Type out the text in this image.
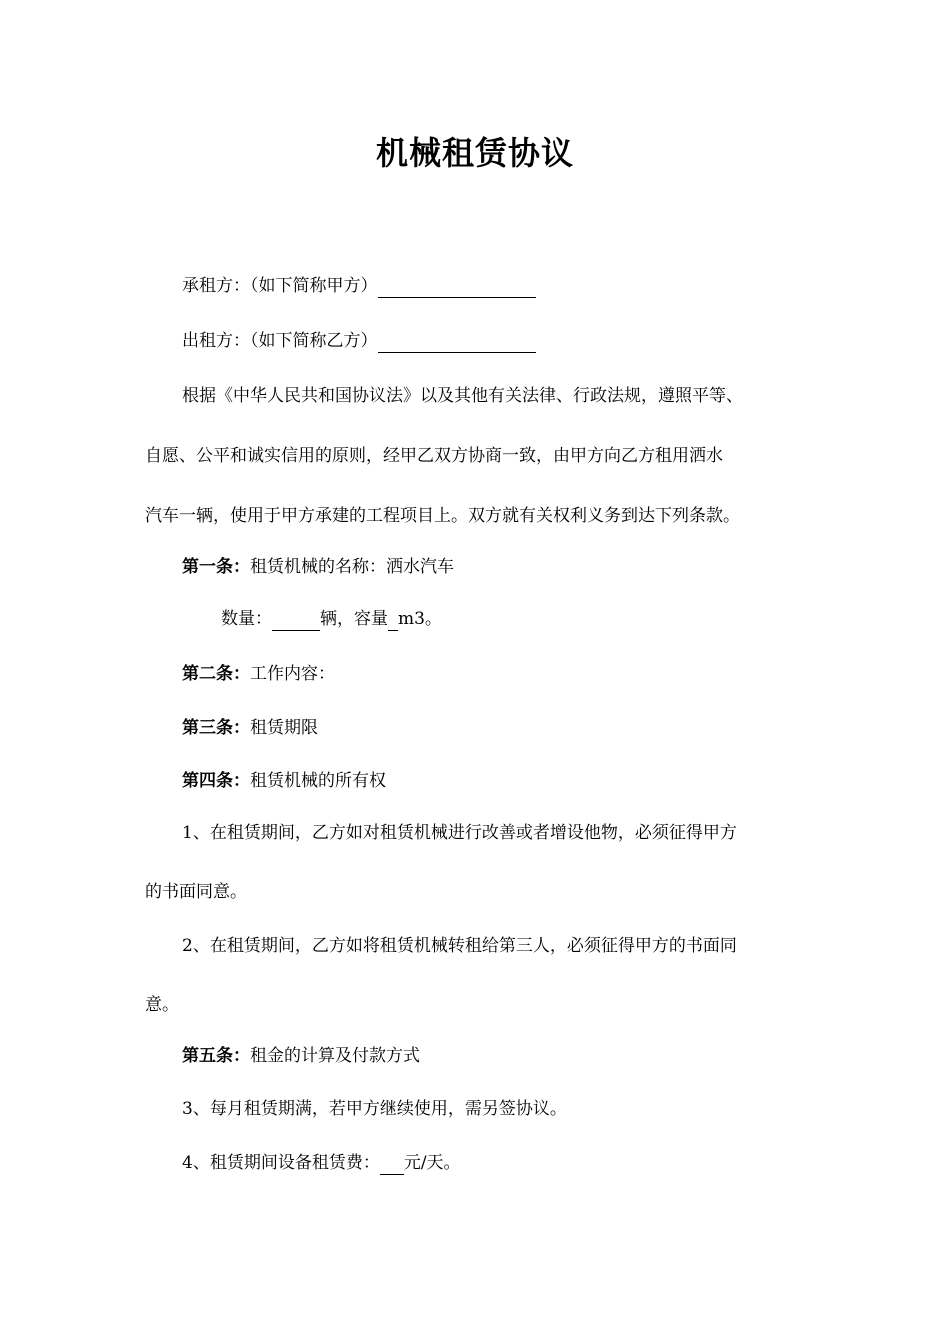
机械租赁协议
承租方：（如下简称甲方）
出租方：（如下简称乙方）
根据《中华人民共和国协议法》以及其他有关法律、行政法规，遵照平等、
自愿、公平和诚实信用的原则，经甲乙双方协商一致，由甲方向乙方租用洒水
汽车一辆，使用于甲方承建的工程项目上。双方就有关权利义务到达下列条款。
第一条：租赁机械的名称：洒水汽车
数量：	辆，容量 m3。
第二条：工作内容：
第三条：租赁期限
第四条：租赁机械的所有权
1、在租赁期间，乙方如对租赁机械进行改善或者增设他物，必须征得甲方
的书面同意。
2、在租赁期间，乙方如将租赁机械转租给第三人，必须征得甲方的书面同
意。
第五条：租金的计算及付款方式
3、每月租赁期满，若甲方继续使用，需另签协议。
4、租赁期间设备租赁费： 元/天。
